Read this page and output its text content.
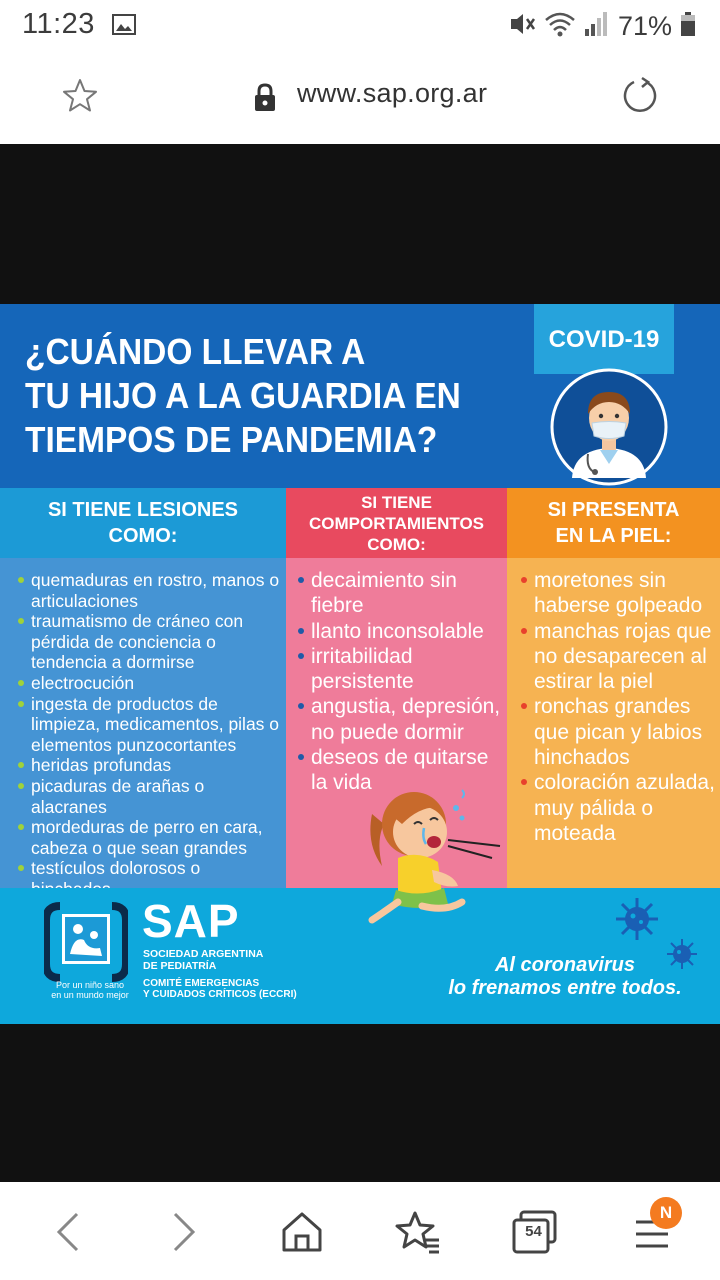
11:23	71%
www.sap.org.ar
¿CUÁNDO LLEVAR A
TU HIJO A LA GUARDIA EN
TIEMPOS DE PANDEMIA?
COVID-19
SI TIENE LESIONES
COMO:
SI TIENE
COMPORTAMIENTOS
COMO:
SI PRESENTA
EN LA PIEL:
quemaduras en rostro, manos o articulaciones
traumatismo de cráneo con pérdida de conciencia o tendencia a dormirse
electrocución
ingesta de productos de limpieza, medicamentos, pilas o elementos punzocortantes
heridas profundas
picaduras de arañas o alacranes
mordeduras de perro en cara, cabeza o que sean grandes
testículos dolorosos o
decaimiento sin fiebre
llanto inconsolable
irritabilidad persistente
angustia, depresión, no puede dormir
deseos de quitarse la vida
moretones sin haberse golpeado
manchas rojas que no desaparecen al estirar la piel
ronchas grandes que pican y labios hinchados
coloración azulada, muy pálida o moteada
Por un niño sano
en un mundo mejor
SAP
SOCIEDAD ARGENTINA
DE PEDIATRÍA
COMITÉ EMERGENCIAS
Y CUIDADOS CRÍTICOS (ECCRI)
Al coronavirus
lo frenamos entre todos.
54
N
